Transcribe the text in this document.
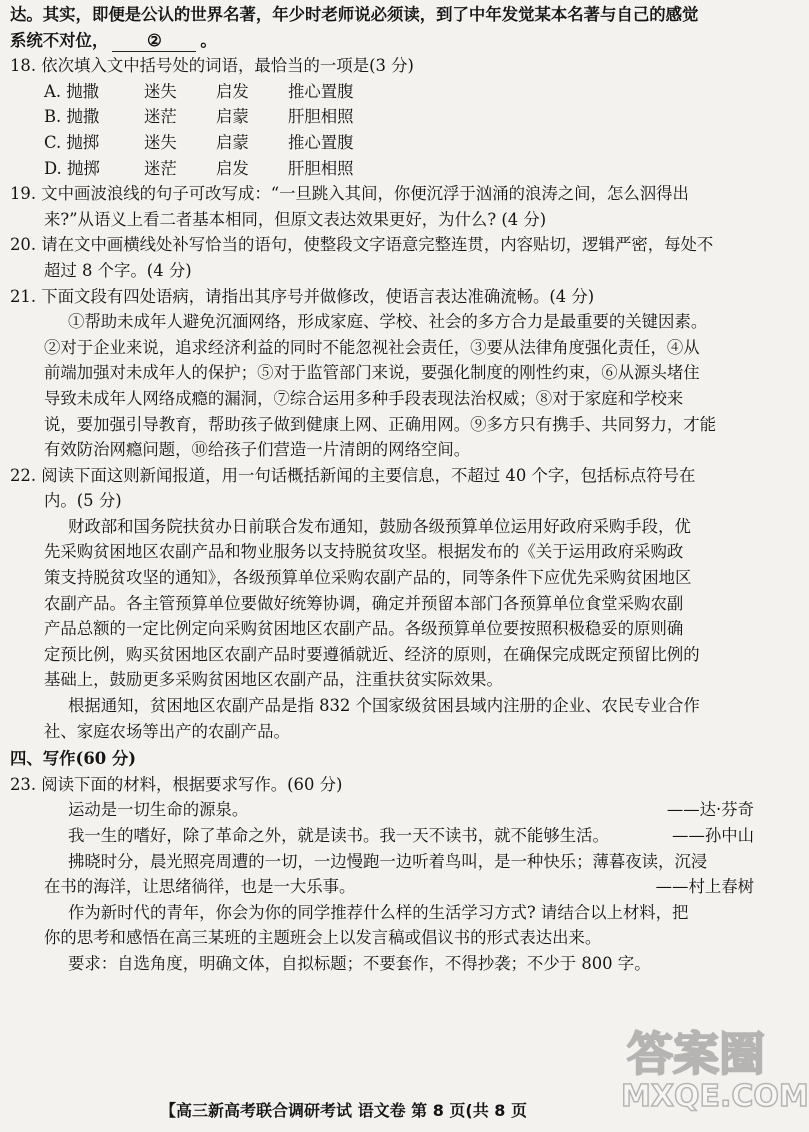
达。其实，即便是公认的世界名著，年少时老师说必须读，到了中年发觉某本名著与自己的感觉
系统不对位， ② 。
18. 依次填入文中括号处的词语，最恰当的一项是(3 分)
A. 抛撒	迷失	启发	推心置腹
B. 抛撒	迷茫	启蒙	肝胆相照
C. 抛掷	迷失	启蒙	推心置腹
D. 抛掷	迷茫	启发	肝胆相照
19. 文中画波浪线的句子可改写成：“一旦跳入其间，你便沉浮于汹涌的浪涛之间，怎么泅得出
来?”从语义上看二者基本相同，但原文表达效果更好，为什么? (4 分)
20. 请在文中画横线处补写恰当的语句，使整段文字语意完整连贯，内容贴切，逻辑严密，每处不
超过 8 个字。(4 分)
21. 下面文段有四处语病，请指出其序号并做修改，使语言表达准确流畅。(4 分)
①帮助未成年人避免沉湎网络，形成家庭、学校、社会的多方合力是最重要的关键因素。
②对于企业来说，追求经济利益的同时不能忽视社会责任，③要从法律角度强化责任，④从
前端加强对未成年人的保护；⑤对于监管部门来说，要强化制度的刚性约束，⑥从源头堵住
导致未成年人网络成瘾的漏洞，⑦综合运用多种手段表现法治权威；⑧对于家庭和学校来
说，要加强引导教育，帮助孩子做到健康上网、正确用网。⑨多方只有携手、共同努力，才能
有效防治网瘾问题，⑩给孩子们营造一片清朗的网络空间。
22. 阅读下面这则新闻报道，用一句话概括新闻的主要信息，不超过 40 个字，包括标点符号在
内。(5 分)
财政部和国务院扶贫办日前联合发布通知，鼓励各级预算单位运用好政府采购手段，优
先采购贫困地区农副产品和物业服务以支持脱贫攻坚。根据发布的《关于运用政府采购政
策支持脱贫攻坚的通知》，各级预算单位采购农副产品的，同等条件下应优先采购贫困地区
农副产品。各主管预算单位要做好统筹协调，确定并预留本部门各预算单位食堂采购农副
产品总额的一定比例定向采购贫困地区农副产品。各级预算单位要按照积极稳妥的原则确
定预比例，购买贫困地区农副产品时要遵循就近、经济的原则，在确保完成既定预留比例的
基础上，鼓励更多采购贫困地区农副产品，注重扶贫实际效果。
根据通知，贫困地区农副产品是指 832 个国家级贫困县域内注册的企业、农民专业合作
社、家庭农场等出产的农副产品。
四、写作(60 分)
23. 阅读下面的材料，根据要求写作。(60 分)
运动是一切生命的源泉。	——达·芬奇
我一生的嗜好，除了革命之外，就是读书。我一天不读书，就不能够生活。	——孙中山
拂晓时分，晨光照亮周遭的一切，一边慢跑一边听着鸟叫，是一种快乐；薄暮夜读，沉浸
在书的海洋，让思绪徜徉，也是一大乐事。	——村上春树
作为新时代的青年，你会为你的同学推荐什么样的生活学习方式? 请结合以上材料，把
你的思考和感悟在高三某班的主题班会上以发言稿或倡议书的形式表达出来。
要求：自选角度，明确文体，自拟标题；不要套作，不得抄袭；不少于 800 字。
【高三新高考联合调研考试 语文卷 第 8 页(共 8 页
答案圈
MXQE.COM
